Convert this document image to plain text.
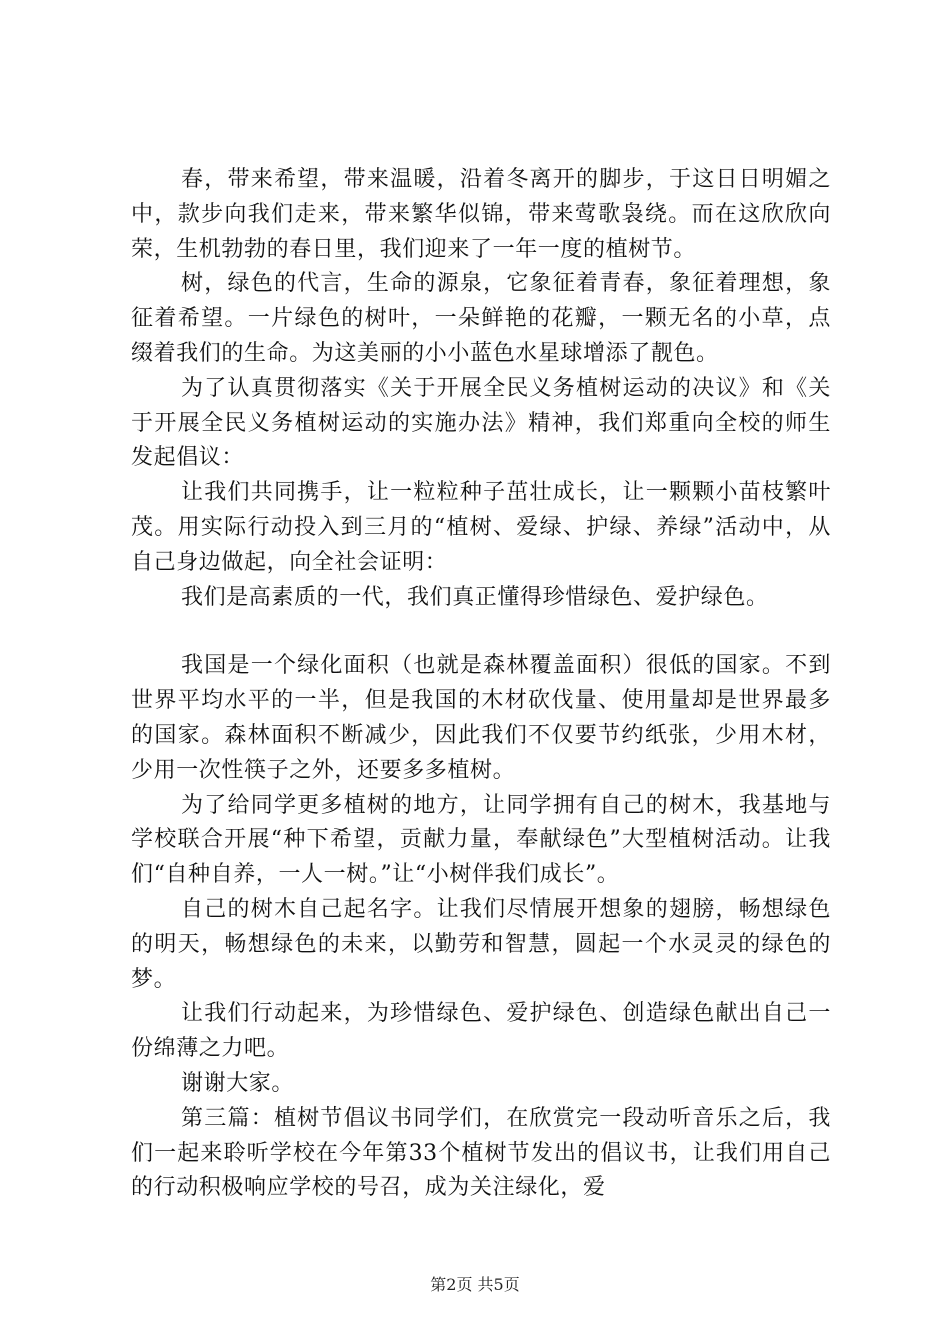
春，带来希望，带来温暖，沿着冬离开的脚步，于这日日明媚之中，款步向我们走来，带来繁华似锦，带来莺歌袅绕。而在这欣欣向荣，生机勃勃的春日里，我们迎来了一年一度的植树节。

树，绿色的代言，生命的源泉，它象征着青春，象征着理想，象征着希望。一片绿色的树叶，一朵鲜艳的花瓣，一颗无名的小草，点缀着我们的生命。为这美丽的小小蓝色水星球增添了靓色。

为了认真贯彻落实《关于开展全民义务植树运动的决议》和《关于开展全民义务植树运动的实施办法》精神，我们郑重向全校的师生发起倡议：

让我们共同携手，让一粒粒种子茁壮成长，让一颗颗小苗枝繁叶茂。用实际行动投入到三月的“植树、爱绿、护绿、养绿”活动中，从自己身边做起，向全社会证明：

我们是高素质的一代，我们真正懂得珍惜绿色、爱护绿色。

我国是一个绿化面积（也就是森林覆盖面积）很低的国家。不到世界平均水平的一半，但是我国的木材砍伐量、使用量却是世界最多的国家。森林面积不断减少，因此我们不仅要节约纸张，少用木材，少用一次性筷子之外，还要多多植树。

为了给同学更多植树的地方，让同学拥有自己的树木，我基地与学校联合开展“种下希望，贡献力量，奉献绿色”大型植树活动。让我们“自种自养，一人一树。”让“小树伴我们成长”。

自己的树木自己起名字。让我们尽情展开想象的翅膀，畅想绿色的明天，畅想绿色的未来，以勤劳和智慧，圆起一个水灵灵的绿色的梦。

让我们行动起来，为珍惜绿色、爱护绿色、创造绿色献出自己一份绵薄之力吧。

谢谢大家。

第三篇：植树节倡议书同学们，在欣赏完一段动听音乐之后，我们一起来聆听学校在今年第33个植树节发出的倡议书，让我们用自己的行动积极响应学校的号召，成为关注绿化，爱

第2页 共5页
